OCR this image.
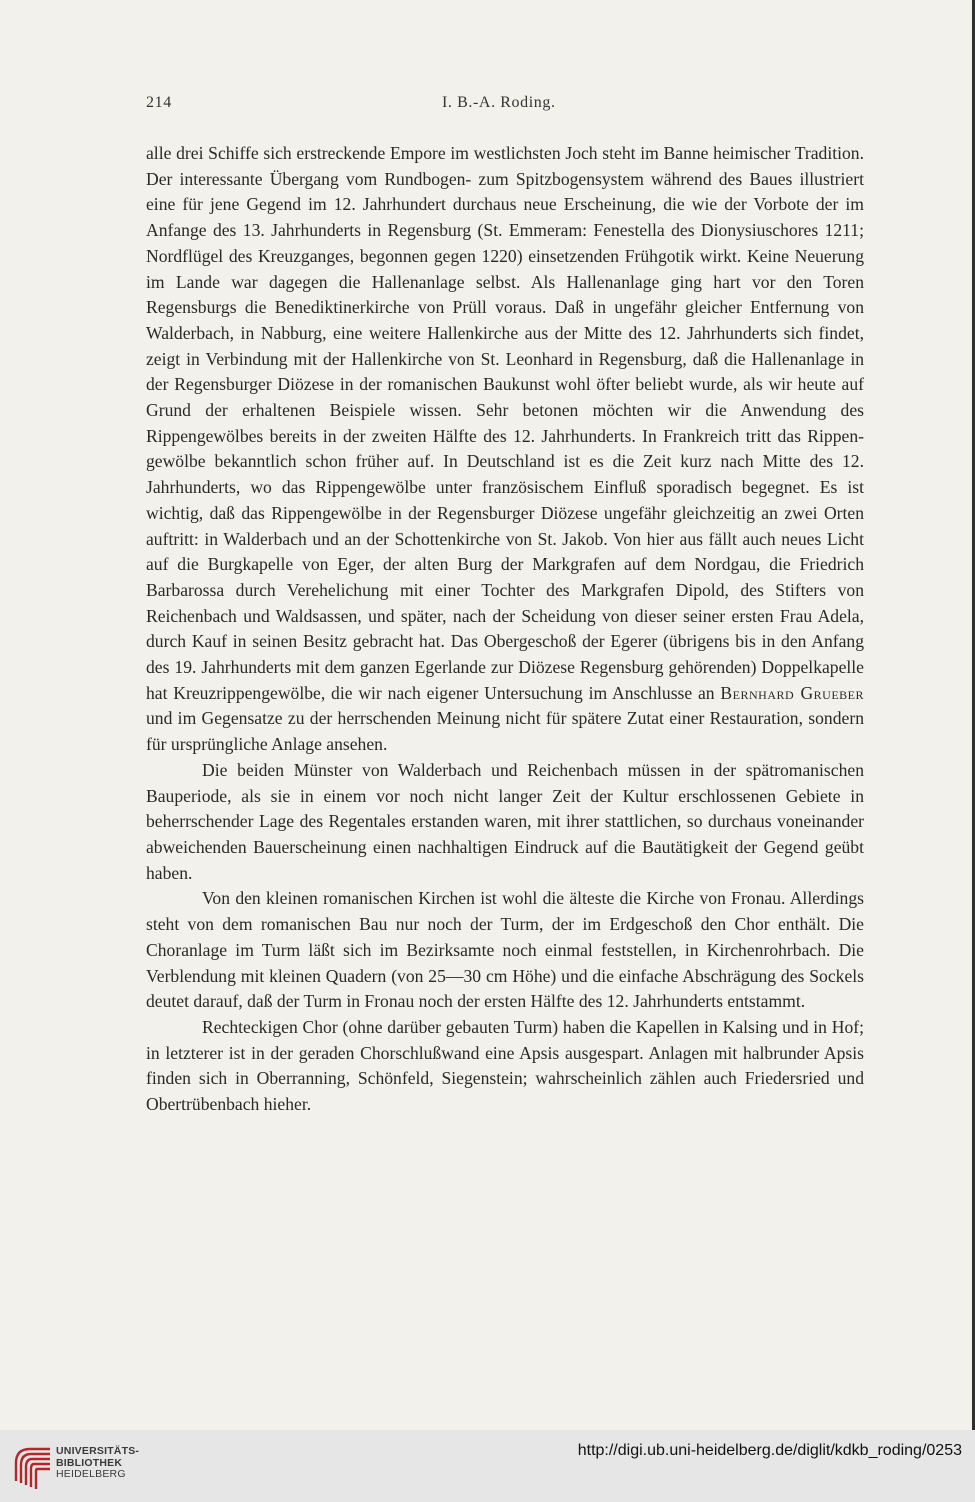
214	I. B.-A. Roding.

alle drei Schiffe sich erstreckende Empore im westlichsten Joch steht im Banne heimischer Tradition. Der interessante Übergang vom Rundbogen- zum Spitzbogensystem während des Baues illustriert eine für jene Gegend im 12. Jahrhundert durchaus neue Erscheinung, die wie der Vorbote der im Anfange des 13. Jahrhunderts in Regensburg (St. Emmeram: Fenestella des Dionysiuschores 1211; Nordflügel des Kreuzganges, begonnen gegen 1220) einsetzenden Frühgotik wirkt. Keine Neuerung im Lande war dagegen die Hallenanlage selbst. Als Hallenanlage ging hart vor den Toren Regensburgs die Benediktinerkirche von Prüll voraus. Daß in ungefähr gleicher Entfernung von Walderbach, in Nabburg, eine weitere Hallenkirche aus der Mitte des 12. Jahrhunderts sich findet, zeigt in Verbindung mit der Hallenkirche von St. Leonhard in Regensburg, daß die Hallenanlage in der Regensburger Diözese in der romanischen Baukunst wohl öfter beliebt wurde, als wir heute auf Grund der erhaltenen Beispiele wissen. Sehr betonen möchten wir die Anwendung des Rippengewölbes bereits in der zweiten Hälfte des 12. Jahrhunderts. In Frankreich tritt das Rippengewölbe bekanntlich schon früher auf. In Deutschland ist es die Zeit kurz nach Mitte des 12. Jahrhunderts, wo das Rippengewölbe unter französischem Einfluß sporadisch begegnet. Es ist wichtig, daß das Rippengewölbe in der Regensburger Diözese ungefähr gleichzeitig an zwei Orten auftritt: in Walderbach und an der Schottenkirche von St. Jakob. Von hier aus fällt auch neues Licht auf die Burgkapelle von Eger, der alten Burg der Markgrafen auf dem Nordgau, die Friedrich Barbarossa durch Verehelichung mit einer Tochter des Markgrafen Dipold, des Stifters von Reichenbach und Waldsassen, und später, nach der Scheidung von dieser seiner ersten Frau Adela, durch Kauf in seinen Besitz gebracht hat. Das Obergeschoß der Egerer (übrigens bis in den Anfang des 19. Jahrhunderts mit dem ganzen Egerlande zur Diözese Regensburg gehörenden) Doppelkapelle hat Kreuzrippengewölbe, die wir nach eigener Untersuchung im Anschlusse an Bernhard Grueber und im Gegensatze zu der herrschenden Meinung nicht für spätere Zutat einer Restauration, sondern für ursprüngliche Anlage ansehen.

Die beiden Münster von Walderbach und Reichenbach müssen in der spätromanischen Bauperiode, als sie in einem vor noch nicht langer Zeit der Kultur erschlossenen Gebiete in beherrschender Lage des Regentales erstanden waren, mit ihrer stattlichen, so durchaus voneinander abweichenden Bauerscheinung einen nachhaltigen Eindruck auf die Bautätigkeit der Gegend geübt haben.

Von den kleinen romanischen Kirchen ist wohl die älteste die Kirche von Fronau. Allerdings steht von dem romanischen Bau nur noch der Turm, der im Erdgeschoß den Chor enthält. Die Choranlage im Turm läßt sich im Bezirksamte noch einmal feststellen, in Kirchenrohrbach. Die Verblendung mit kleinen Quadern (von 25—30 cm Höhe) und die einfache Abschrägung des Sockels deutet darauf, daß der Turm in Fronau noch der ersten Hälfte des 12. Jahrhunderts entstammt.

Rechteckigen Chor (ohne darüber gebauten Turm) haben die Kapellen in Kalsing und in Hof; in letzterer ist in der geraden Chorschlußwand eine Apsis ausgespart. Anlagen mit halbrunder Apsis finden sich in Oberranning, Schönfeld, Siegenstein; wahrscheinlich zählen auch Friedersried und Obertrübenbach hieher.

UNIVERSITÄTS-
BIBLIOTHEK
HEIDELBERG
http://digi.ub.uni-heidelberg.de/diglit/kdkb_roding/0253
